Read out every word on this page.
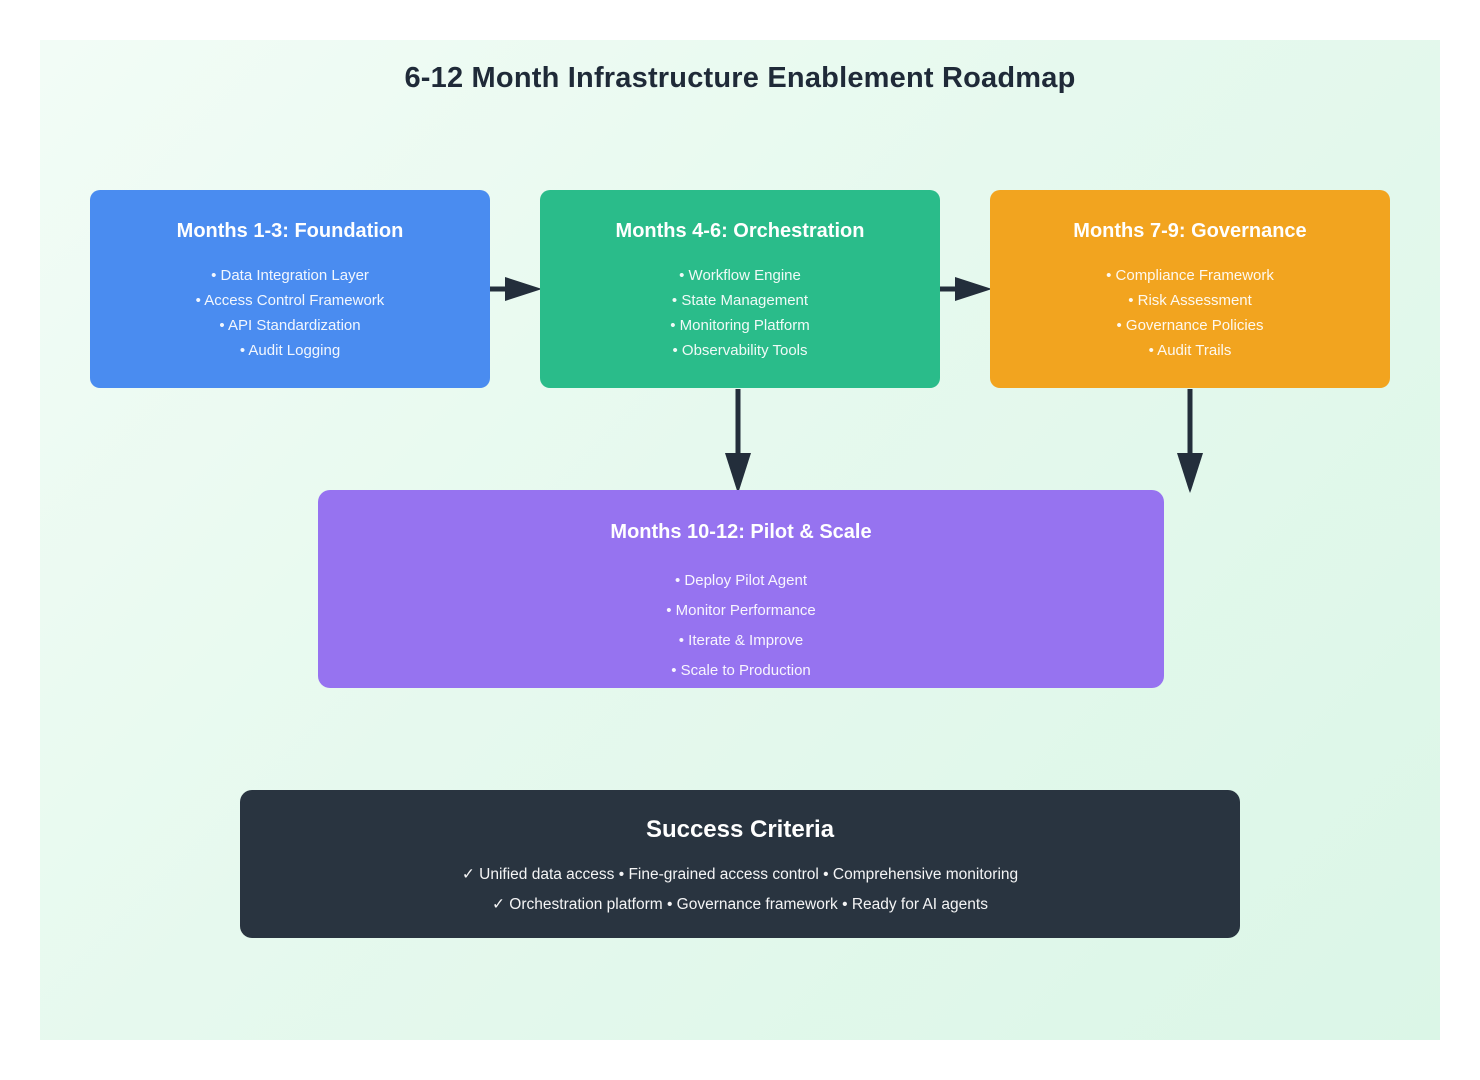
6-12 Month Infrastructure Enablement Roadmap
Months 1-3: Foundation
• Data Integration Layer
• Access Control Framework
• API Standardization
• Audit Logging
Months 4-6: Orchestration
• Workflow Engine
• State Management
• Monitoring Platform
• Observability Tools
Months 7-9: Governance
• Compliance Framework
• Risk Assessment
• Governance Policies
• Audit Trails
Months 10-12: Pilot & Scale
• Deploy Pilot Agent
• Monitor Performance
• Iterate & Improve
• Scale to Production
Success Criteria

✓ Unified data access • Fine-grained access control • Comprehensive monitoring

✓ Orchestration platform • Governance framework • Ready for AI agents
